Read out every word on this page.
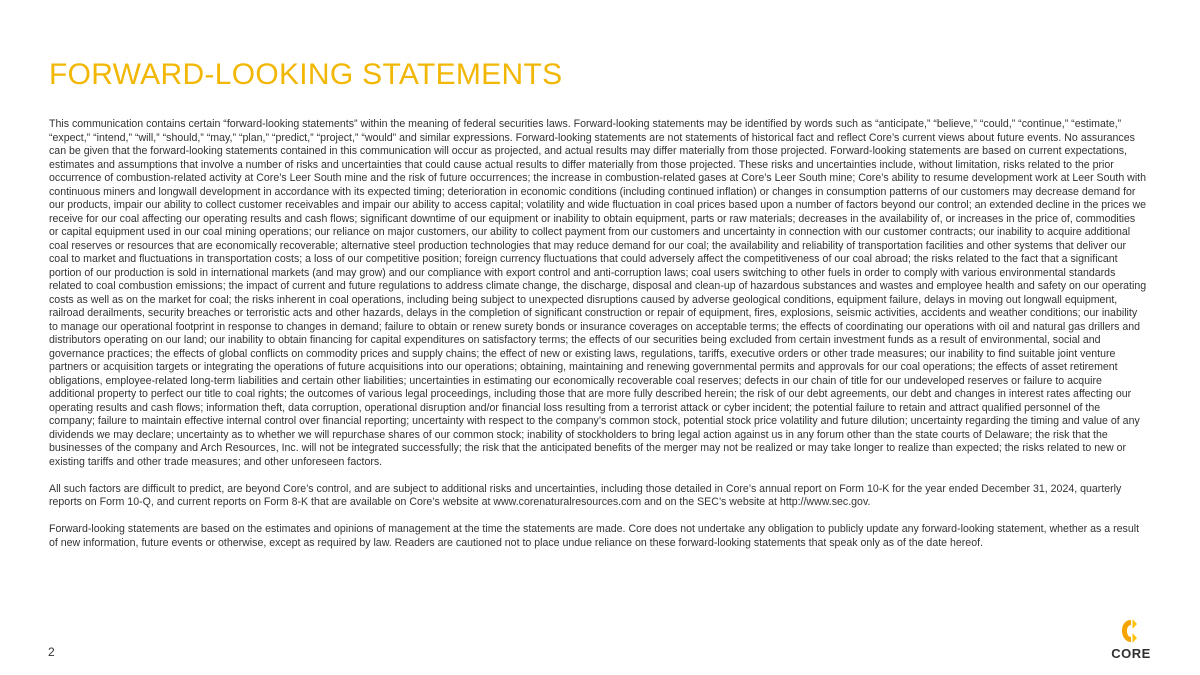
FORWARD-LOOKING STATEMENTS

This communication contains certain “forward-looking statements” within the meaning of federal securities laws. Forward-looking statements may be identified by words such as “anticipate,” “believe,” “could,” “continue,” “estimate,” “expect,” “intend,” “will,” “should,” “may,” “plan,” “predict,” “project,” “would” and similar expressions. Forward-looking statements are not statements of historical fact and reflect Core’s current views about future events. No assurances can be given that the forward-looking statements contained in this communication will occur as projected, and actual results may differ materially from those projected. Forward-looking statements are based on current expectations, estimates and assumptions that involve a number of risks and uncertainties that could cause actual results to differ materially from those projected. These risks and uncertainties include, without limitation, risks related to the prior occurrence of combustion-related activity at Core’s Leer South mine and the risk of future occurrences; the increase in combustion-related gases at Core’s Leer South mine; Core’s ability to resume development work at Leer South with continuous miners and longwall development in accordance with its expected timing; deterioration in economic conditions (including continued inflation) or changes in consumption patterns of our customers may decrease demand for our products, impair our ability to collect customer receivables and impair our ability to access capital; volatility and wide fluctuation in coal prices based upon a number of factors beyond our control; an extended decline in the prices we receive for our coal affecting our operating results and cash flows; significant downtime of our equipment or inability to obtain equipment, parts or raw materials; decreases in the availability of, or increases in the price of, commodities or capital equipment used in our coal mining operations; our reliance on major customers, our ability to collect payment from our customers and uncertainty in connection with our customer contracts; our inability to acquire additional coal reserves or resources that are economically recoverable; alternative steel production technologies that may reduce demand for our coal; the availability and reliability of transportation facilities and other systems that deliver our coal to market and fluctuations in transportation costs; a loss of our competitive position; foreign currency fluctuations that could adversely affect the competitiveness of our coal abroad; the risks related to the fact that a significant portion of our production is sold in international markets (and may grow) and our compliance with export control and anti-corruption laws; coal users switching to other fuels in order to comply with various environmental standards related to coal combustion emissions; the impact of current and future regulations to address climate change, the discharge, disposal and clean-up of hazardous substances and wastes and employee health and safety on our operating costs as well as on the market for coal; the risks inherent in coal operations, including being subject to unexpected disruptions caused by adverse geological conditions, equipment failure, delays in moving out longwall equipment, railroad derailments, security breaches or terroristic acts and other hazards, delays in the completion of significant construction or repair of equipment, fires, explosions, seismic activities, accidents and weather conditions; our inability to manage our operational footprint in response to changes in demand; failure to obtain or renew surety bonds or insurance coverages on acceptable terms; the effects of coordinating our operations with oil and natural gas drillers and distributors operating on our land; our inability to obtain financing for capital expenditures on satisfactory terms; the effects of our securities being excluded from certain investment funds as a result of environmental, social and governance practices; the effects of global conflicts on commodity prices and supply chains; the effect of new or existing laws, regulations, tariffs, executive orders or other trade measures; our inability to find suitable joint venture partners or acquisition targets or integrating the operations of future acquisitions into our operations; obtaining, maintaining and renewing governmental permits and approvals for our coal operations; the effects of asset retirement obligations, employee-related long-term liabilities and certain other liabilities; uncertainties in estimating our economically recoverable coal reserves; defects in our chain of title for our undeveloped reserves or failure to acquire additional property to perfect our title to coal rights; the outcomes of various legal proceedings, including those that are more fully described herein; the risk of our debt agreements, our debt and changes in interest rates affecting our operating results and cash flows; information theft, data corruption, operational disruption and/or financial loss resulting from a terrorist attack or cyber incident; the potential failure to retain and attract qualified personnel of the company; failure to maintain effective internal control over financial reporting; uncertainty with respect to the company’s common stock, potential stock price volatility and future dilution; uncertainty regarding the timing and value of any dividends we may declare; uncertainty as to whether we will repurchase shares of our common stock; inability of stockholders to bring legal action against us in any forum other than the state courts of Delaware; the risk that the businesses of the company and Arch Resources, Inc. will not be integrated successfully; the risk that the anticipated benefits of the merger may not be realized or may take longer to realize than expected; the risks related to new or existing tariffs and other trade measures; and other unforeseen factors.

All such factors are difficult to predict, are beyond Core’s control, and are subject to additional risks and uncertainties, including those detailed in Core’s annual report on Form 10-K for the year ended December 31, 2024, quarterly reports on Form 10-Q, and current reports on Form 8-K that are available on Core’s website at www.corenaturalresources.com and on the SEC’s website at http://www.sec.gov.

Forward-looking statements are based on the estimates and opinions of management at the time the statements are made. Core does not undertake any obligation to publicly update any forward-looking statement, whether as a result of new information, future events or otherwise, except as required by law. Readers are cautioned not to place undue reliance on these forward-looking statements that speak only as of the date hereof.

2	CORE
